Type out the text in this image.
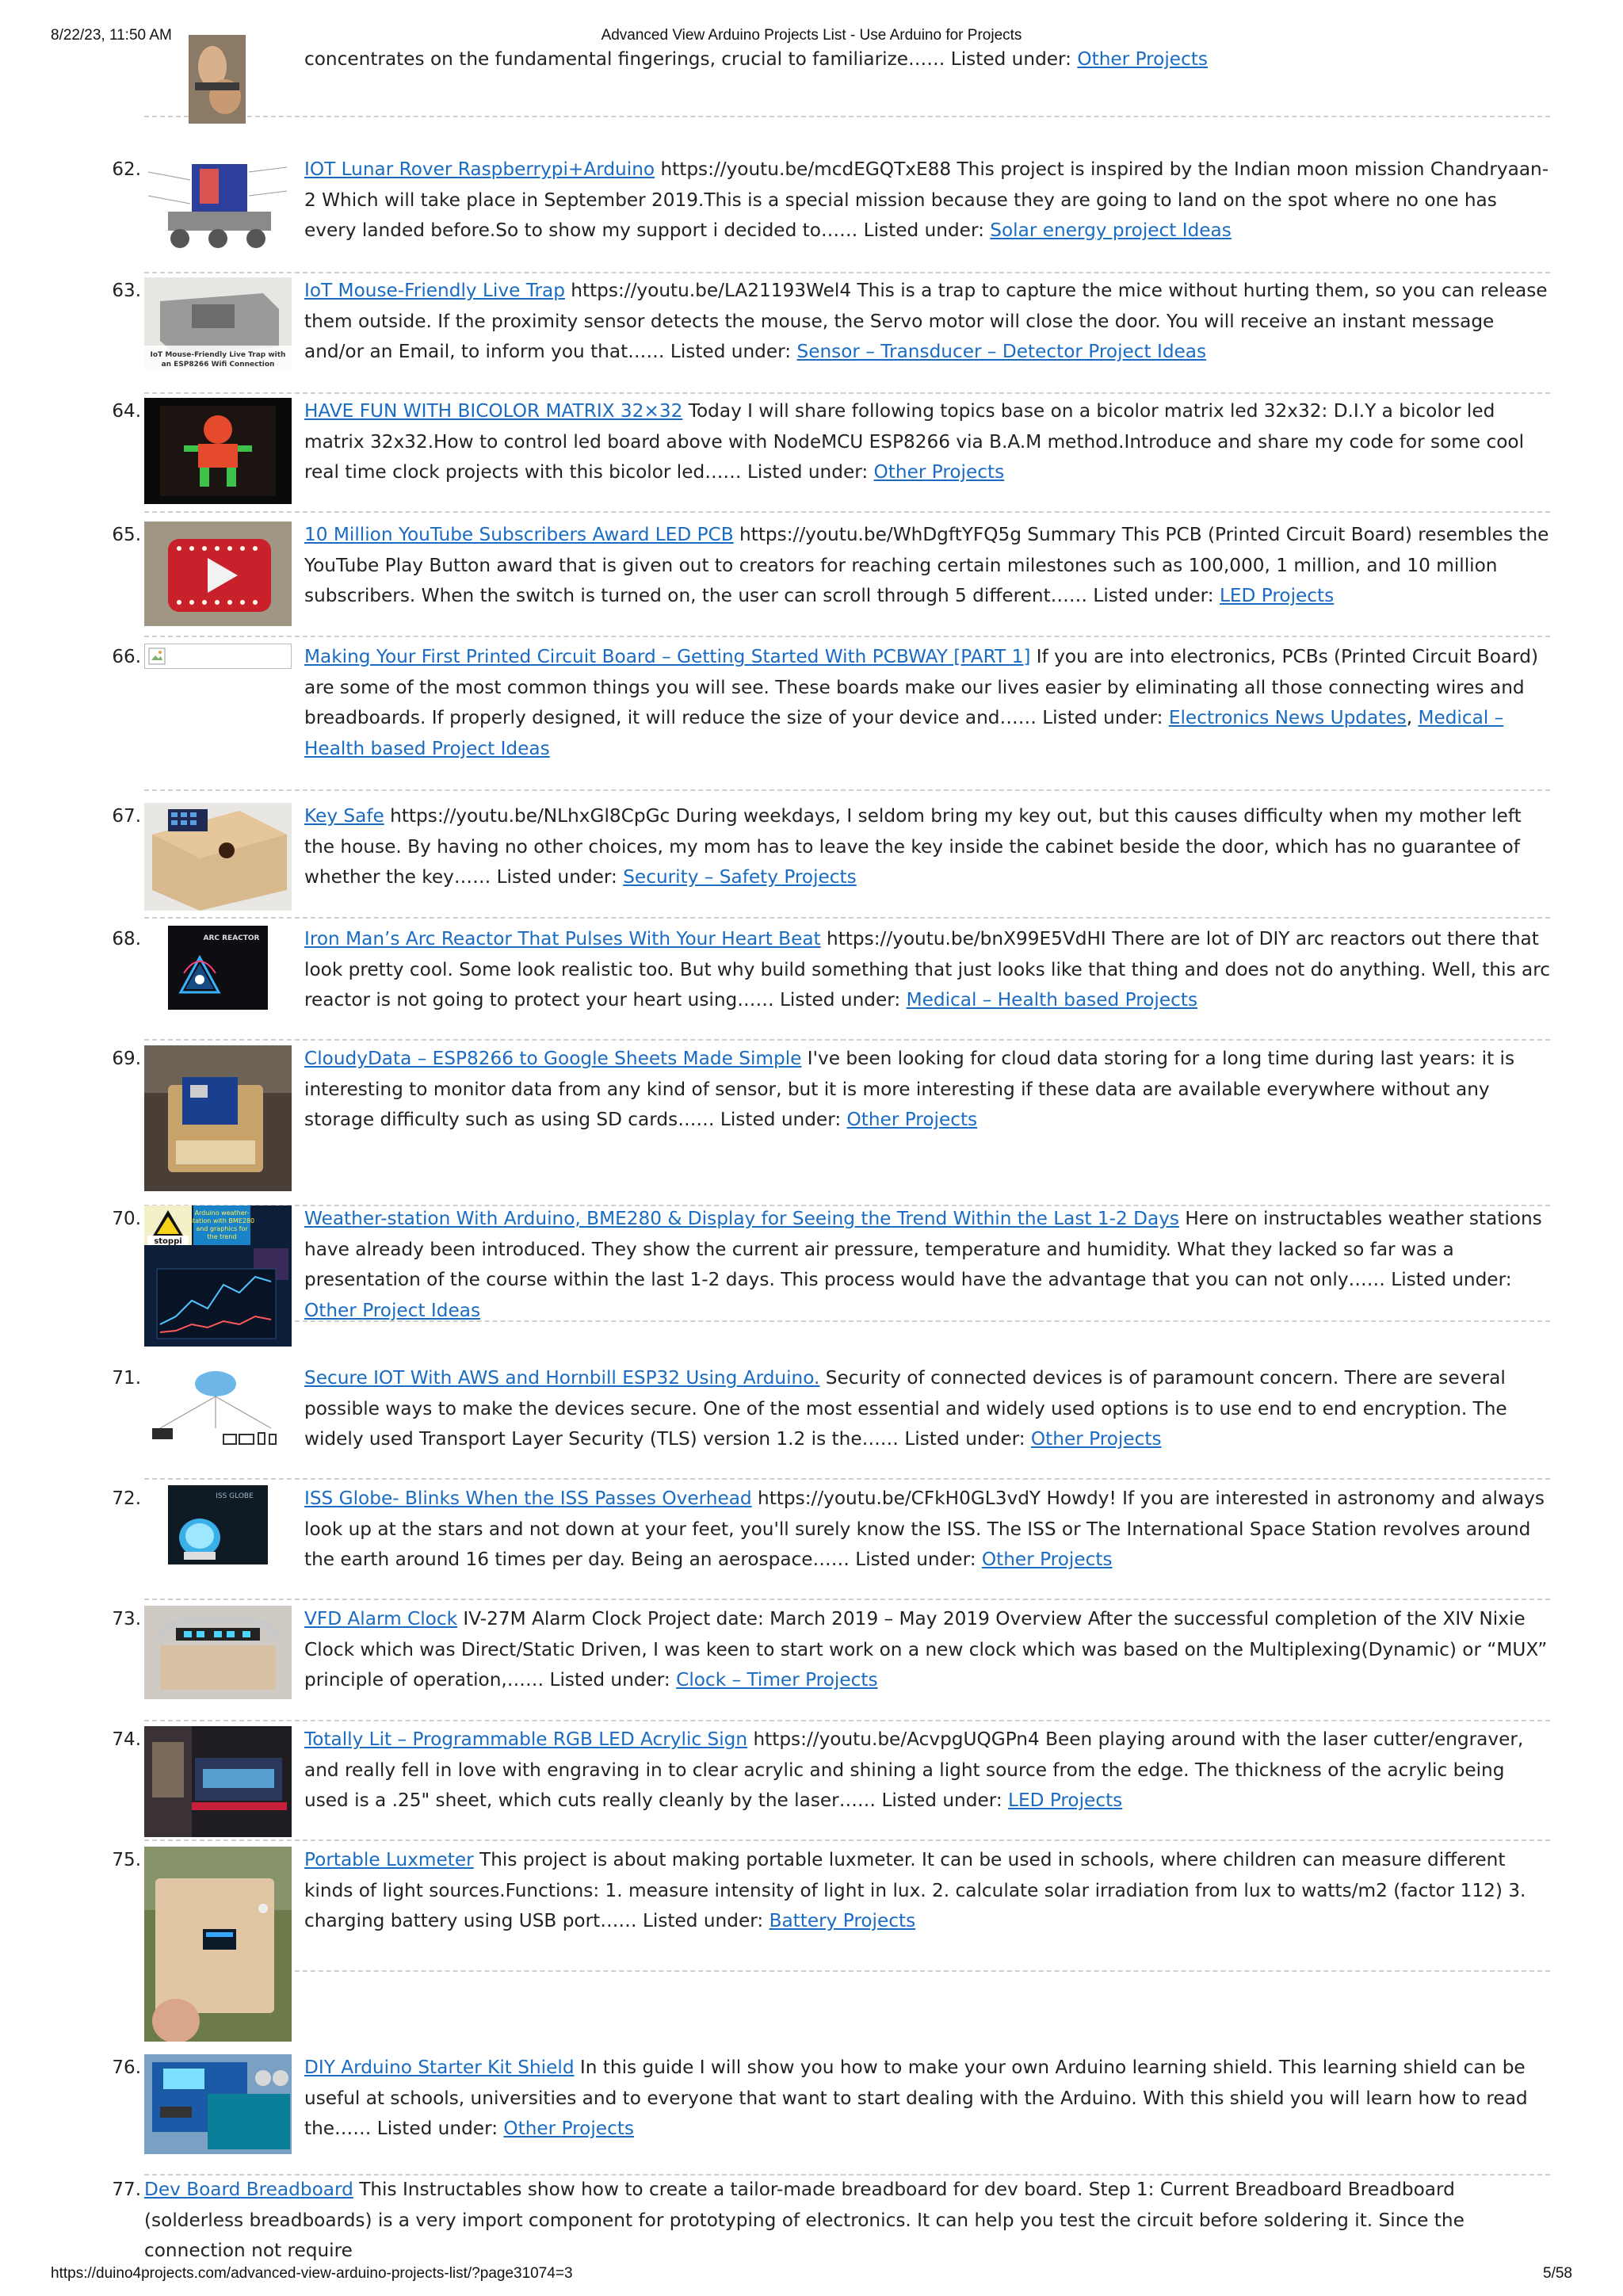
8/22/23, 11:50 AM	Advanced View Arduino Projects List - Use Arduino for Projects
concentrates on the fundamental fingerings, crucial to familiarize…… Listed under: Other Projects
62.	IOT Lunar Rover Raspberrypi+Arduino https://youtu.be/mcdEGQTxE88 This project is inspired by the Indian moon mission Chandryaan-2 Which will take place in September 2019.This is a special mission because they are going to land on the spot where no one has every landed before.So to show my support i decided to…… Listed under: Solar energy project Ideas
63.
IoT Mouse-Friendly Live Trap with
an ESP8266 Wifi Connection
IoT Mouse-Friendly Live Trap https://youtu.be/LA21193Wel4 This is a trap to capture the mice without hurting them, so you can release them outside. If the proximity sensor detects the mouse, the Servo motor will close the door. You will receive an instant message and/or an Email, to inform you that…… Listed under: Sensor – Transducer – Detector Project Ideas
64.	HAVE FUN WITH BICOLOR MATRIX 32×32 Today I will share following topics base on a bicolor matrix led 32x32: D.I.Y a bicolor led matrix 32x32.How to control led board above with NodeMCU ESP8266 via B.A.M method.Introduce and share my code for some cool real time clock projects with this bicolor led…… Listed under: Other Projects
65.	10 Million YouTube Subscribers Award LED PCB https://youtu.be/WhDgftYFQ5g Summary This PCB (Printed Circuit Board) resembles the YouTube Play Button award that is given out to creators for reaching certain milestones such as 100,000, 1 million, and 10 million subscribers. When the switch is turned on, the user can scroll through 5 different…… Listed under: LED Projects
66.	Making Your First Printed Circuit Board – Getting Started With PCBWAY [PART 1] If you are into electronics, PCBs (Printed Circuit Board) are some of the most common things you will see. These boards make our lives easier by eliminating all those connecting wires and breadboards. If properly designed, it will reduce the size of your device and…… Listed under: Electronics News Updates, Medical – Health based Project Ideas
67.	Key Safe https://youtu.be/NLhxGl8CpGc During weekdays, I seldom bring my key out, but this causes difficulty when my mother left the house. By having no other choices, my mom has to leave the key inside the cabinet beside the door, which has no guarantee of whether the key…… Listed under: Security – Safety Projects
68.	ARC REACTOR Iron Man’s Arc Reactor That Pulses With Your Heart Beat https://youtu.be/bnX99E5VdHI There are lot of DIY arc reactors out there that look pretty cool. Some look realistic too. But why build something that just looks like that thing and does not do anything. Well, this arc reactor is not going to protect your heart using…… Listed under: Medical – Health based Projects
69.	CloudyData – ESP8266 to Google Sheets Made Simple I've been looking for cloud data storing for a long time during last years: it is interesting to monitor data from any kind of sensor, but it is more interesting if these data are available everywhere without any storage difficulty such as using SD cards…… Listed under: Other Projects
70.
stoppi
Arduino weather-
station with BME280
and graphics for
the trend
Weather-station With Arduino, BME280 & Display for Seeing the Trend Within the Last 1-2 Days Here on instructables weather stations have already been introduced. They show the current air pressure, temperature and humidity. What they lacked so far was a presentation of the course within the last 1-2 days. This process would have the advantage that you can not only…… Listed under: Other Project Ideas
71.	Secure IOT With AWS and Hornbill ESP32 Using Arduino. Security of connected devices is of paramount concern. There are several possible ways to make the devices secure. One of the most essential and widely used options is to use end to end encryption. The widely used Transport Layer Security (TLS) version 1.2 is the…… Listed under: Other Projects
72.	ISS GLOBE	ISS Globe- Blinks When the ISS Passes Overhead https://youtu.be/CFkH0GL3vdY Howdy! If you are interested in astronomy and always look up at the stars and not down at your feet, you'll surely know the ISS. The ISS or The International Space Station revolves around the earth around 16 times per day. Being an aerospace…… Listed under: Other Projects
73.	VFD Alarm Clock IV-27M Alarm Clock Project date: March 2019 – May 2019 Overview After the successful completion of the XIV Nixie Clock which was Direct/Static Driven, I was keen to start work on a new clock which was based on the Multiplexing(Dynamic) or “MUX” principle of operation,…… Listed under: Clock – Timer Projects
74.	Totally Lit – Programmable RGB LED Acrylic Sign https://youtu.be/AcvpgUQGPn4 Been playing around with the laser cutter/engraver, and really fell in love with engraving in to clear acrylic and shining a light source from the edge. The thickness of the acrylic being used is a .25" sheet, which cuts really cleanly by the laser…… Listed under: LED Projects
75.	Portable Luxmeter This project is about making portable luxmeter. It can be used in schools, where children can measure different kinds of light sources.Functions: 1. measure intensity of light in lux. 2. calculate solar irradiation from lux to watts/m2 (factor 112) 3. charging battery using USB port…… Listed under: Battery Projects
76.	DIY Arduino Starter Kit Shield In this guide I will show you how to make your own Arduino learning shield. This learning shield can be useful at schools, universities and to everyone that want to start dealing with the Arduino. With this shield you will learn how to read the…… Listed under: Other Projects
77. Dev Board Breadboard This Instructables show how to create a tailor-made breadboard for dev board. Step 1: Current Breadboard Breadboard (solderless breadboards) is a very import component for prototyping of electronics. It can help you test the circuit before soldering it. Since the connection not require
https://duino4projects.com/advanced-view-arduino-projects-list/?page31074=3	5/58
